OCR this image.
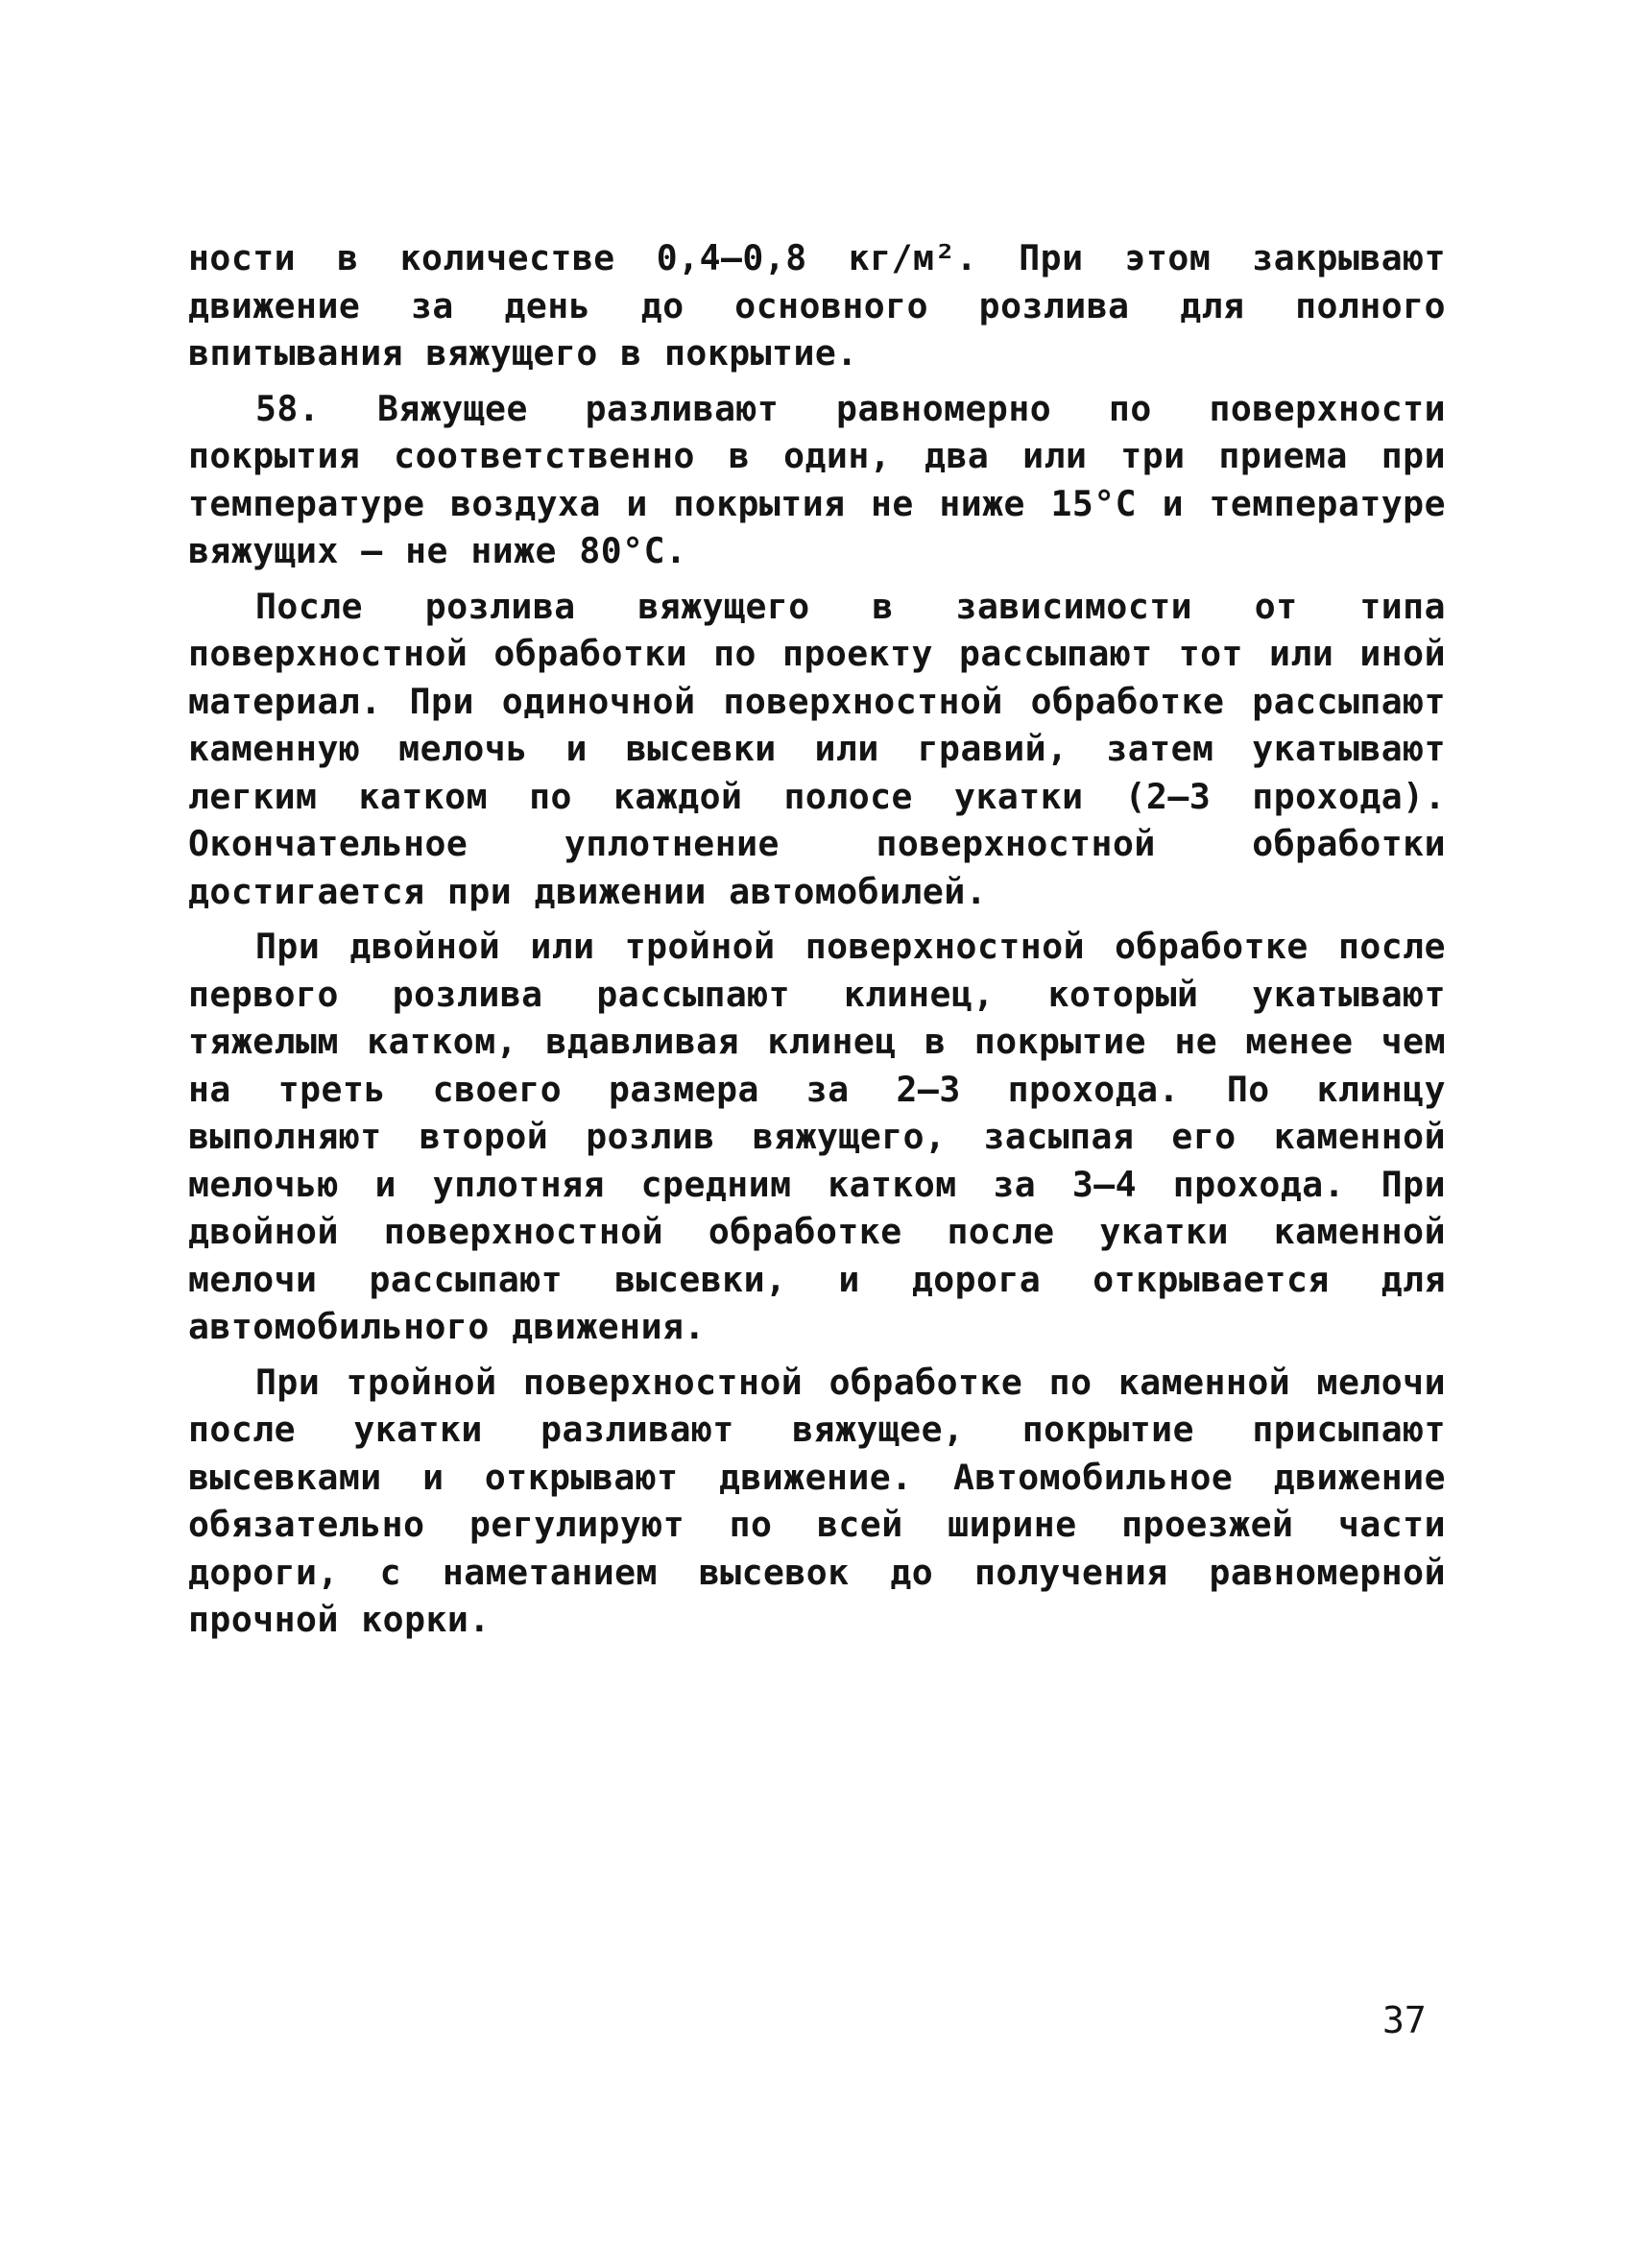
ности в количестве 0,4–0,8 кг/м². При этом закрывают движение за день до основного розлива для полного впитывания вяжущего в покрытие.

58. Вяжущее разливают равномерно по поверхности покрытия соответственно в один, два или три приема при температуре воздуха и покрытия не ниже 15°С и температуре вяжущих – не ниже 80°С.

После розлива вяжущего в зависимости от типа поверхностной обработки по проекту рассыпают тот или иной материал. При одиночной поверхностной обработке рассыпают каменную мелочь и высевки или гравий, затем укатывают легким катком по каждой полосе укатки (2–3 прохода). Окончательное уплотнение поверхностной обработки достигается при движении автомобилей.

При двойной или тройной поверхностной обработке после первого розлива рассыпают клинец, который укатывают тяжелым катком, вдавливая клинец в покрытие не менее чем на треть своего размера за 2–3 прохода. По клинцу выполняют второй розлив вяжущего, засыпая его каменной мелочью и уплотняя средним катком за 3–4 прохода. При двойной поверхностной обработке после укатки каменной мелочи рассыпают высевки, и дорога открывается для автомобильного движения.

При тройной поверхностной обработке по каменной мелочи после укатки разливают вяжущее, покрытие присыпают высевками и открывают движение. Автомобильное движение обязательно регулируют по всей ширине проезжей части дороги, с наметанием высевок до получения равномерной прочной корки.

37
